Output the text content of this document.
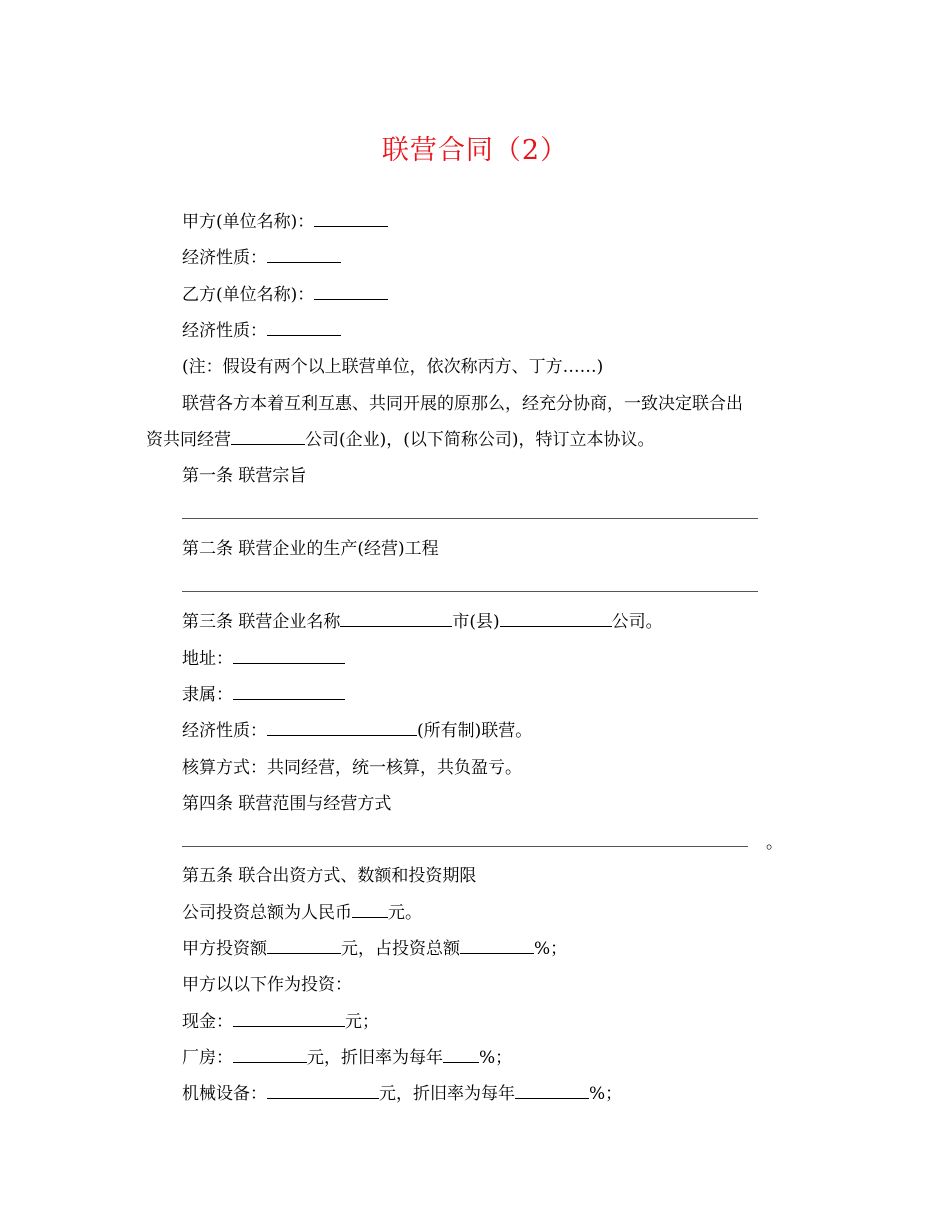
联营合同（2）
甲方(单位名称)：
经济性质：
乙方(单位名称)：
经济性质：
(注：假设有两个以上联营单位，依次称丙方、丁方……)
联营各方本着互利互惠、共同开展的原那么，经充分协商，一致决定联合出
资共同经营	公司(企业)，(以下简称公司)，特订立本协议。
第一条 联营宗旨
第二条 联营企业的生产(经营)工程
第三条 联营企业名称	市(县)	公司。
地址：
隶属：
经济性质：	(所有制)联营。
核算方式：共同经营，统一核算，共负盈亏。
第四条 联营范围与经营方式
。
第五条 联合出资方式、数额和投资期限
公司投资总额为人民币 元。
甲方投资额	元，占投资总额	%；
甲方以以下作为投资：
现金：	元；
厂房：	元，折旧率为每年 %；
机械设备：	元，折旧率为每年	%；
